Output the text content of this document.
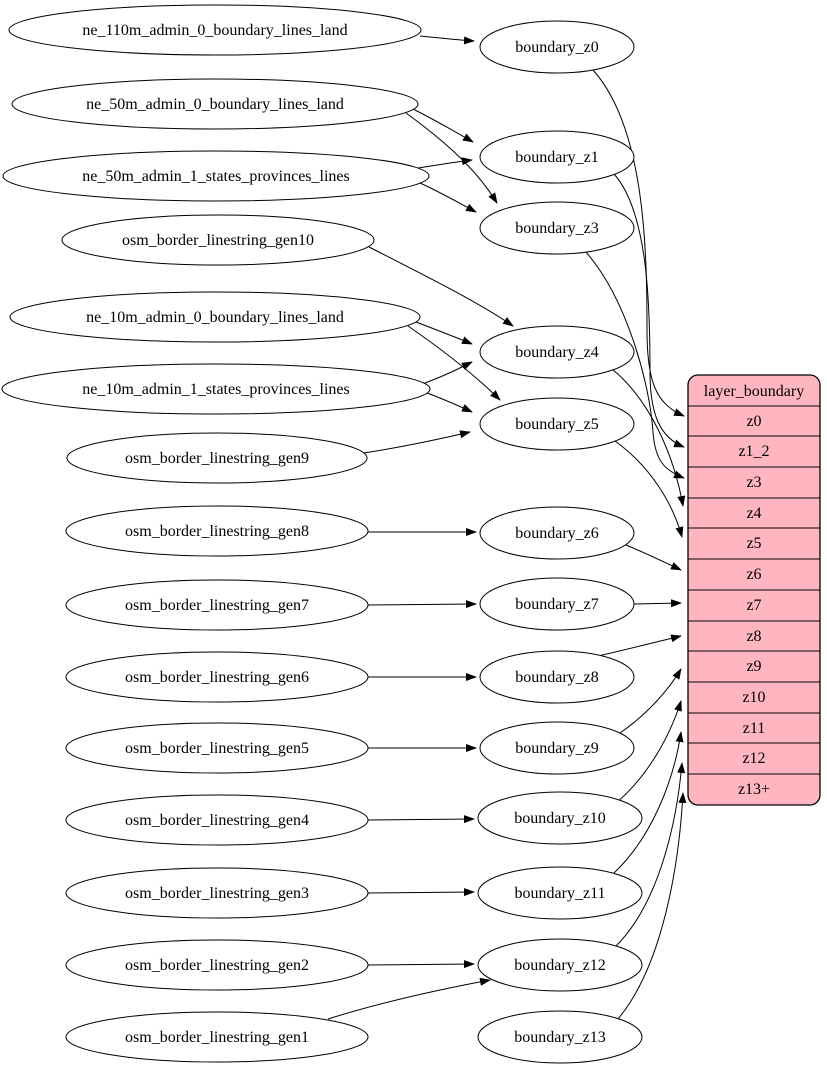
ne_110m_admin_0_boundary_lines_land
ne_50m_admin_0_boundary_lines_land
ne_50m_admin_1_states_provinces_lines
osm_border_linestring_gen10
ne_10m_admin_0_boundary_lines_land
ne_10m_admin_1_states_provinces_lines
osm_border_linestring_gen9
osm_border_linestring_gen8
osm_border_linestring_gen7
osm_border_linestring_gen6
osm_border_linestring_gen5
osm_border_linestring_gen4
osm_border_linestring_gen3
osm_border_linestring_gen2
osm_border_linestring_gen1
boundary_z0
boundary_z1
boundary_z3
boundary_z4
boundary_z5
boundary_z6
boundary_z7
boundary_z8
boundary_z9
boundary_z10
boundary_z11
boundary_z12
boundary_z13
layer_boundary
z0
z1_2
z3
z4
z5
z6
z7
z8
z9
z10
z11
z12
z13+
